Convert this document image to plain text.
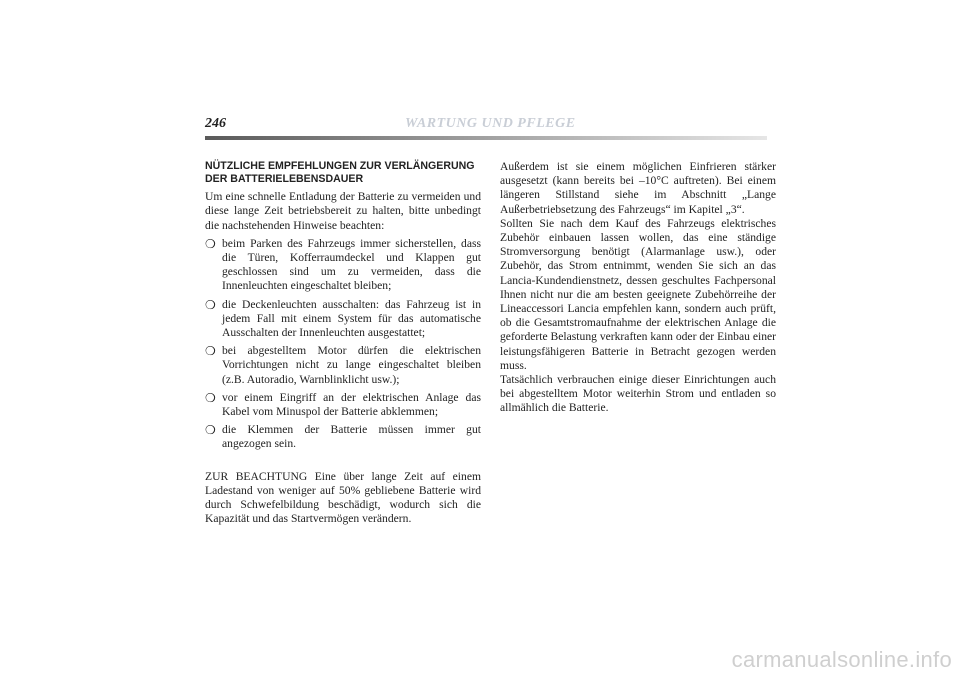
246	WARTUNG UND PFLEGE
NÜTZLICHE EMPFEHLUNGEN ZUR VERLÄNGERUNG DER BATTERIELEBENSDAUER

Um eine schnelle Entladung der Batterie zu vermeiden und diese lange Zeit betriebsbereit zu halten, bitte unbedingt die nachstehenden Hinweise beachten:

❍ beim Parken des Fahrzeugs immer sicherstellen, dass die Türen, Kofferraumdeckel und Klappen gut geschlossen sind um zu vermeiden, dass die Innenleuchten eingeschaltet bleiben;
❍ die Deckenleuchten ausschalten: das Fahrzeug ist in jedem Fall mit einem System für das automatische Ausschalten der Innenleuchten ausgestattet;
❍ bei abgestelltem Motor dürfen die elektrischen Vorrichtungen nicht zu lange eingeschaltet bleiben (z.B. Autoradio, Warnblinklicht usw.);
❍ vor einem Eingriff an der elektrischen Anlage das Kabel vom Minuspol der Batterie abklemmen;
❍ die Klemmen der Batterie müssen immer gut angezogen sein.

ZUR BEACHTUNG Eine über lange Zeit auf einem Ladestand von weniger auf 50% gebliebene Batterie wird durch Schwefelbildung beschädigt, wodurch sich die Kapazität und das Startvermögen verändern.

Außerdem ist sie einem möglichen Einfrieren stärker ausgesetzt (kann bereits bei –10°C auftreten). Bei einem längeren Stillstand siehe im Abschnitt „Lange Außerbetriebsetzung des Fahrzeugs“ im Kapitel „3“.

Sollten Sie nach dem Kauf des Fahrzeugs elektrisches Zubehör einbauen lassen wollen, das eine ständige Stromversorgung benötigt (Alarmanlage usw.), oder Zubehör, das Strom entnimmt, wenden Sie sich an das Lancia-Kundendienstnetz, dessen geschultes Fachpersonal Ihnen nicht nur die am besten geeignete Zubehörreihe der Lineaccessori Lancia empfehlen kann, sondern auch prüft, ob die Gesamtstromaufnahme der elektrischen Anlage die geforderte Belastung verkraften kann oder der Einbau einer leistungsfähigeren Batterie in Betracht gezogen werden muss.

Tatsächlich verbrauchen einige dieser Einrichtungen auch bei abgestelltem Motor weiterhin Strom und entladen so allmählich die Batterie.

carmanualsonline.info
